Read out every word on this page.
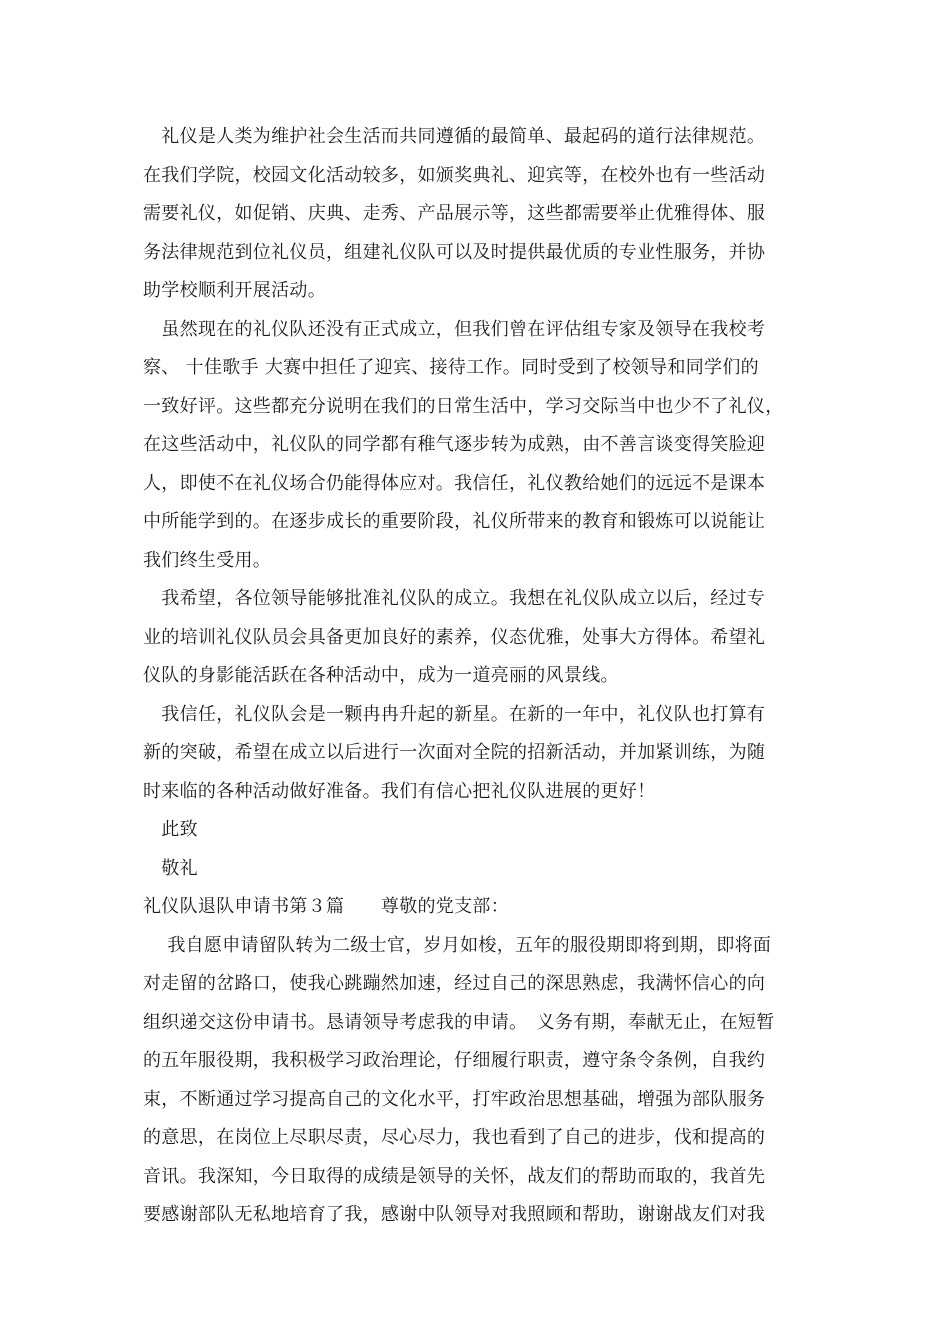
　礼仪是人类为维护社会生活而共同遵循的最简单、最起码的道行法律规范。
在我们学院，校园文化活动较多，如颁奖典礼、迎宾等，在校外也有一些活动
需要礼仪，如促销、庆典、走秀、产品展示等，这些都需要举止优雅得体、服
务法律规范到位礼仪员，组建礼仪队可以及时提供最优质的专业性服务，并协
助学校顺利开展活动。
　虽然现在的礼仪队还没有正式成立，但我们曾在评估组专家及领导在我校考
察、 十佳歌手 大赛中担任了迎宾、接待工作。同时受到了校领导和同学们的
一致好评。这些都充分说明在我们的日常生活中，学习交际当中也少不了礼仪，
在这些活动中，礼仪队的同学都有稚气逐步转为成熟，由不善言谈变得笑脸迎
人，即使不在礼仪场合仍能得体应对。我信任，礼仪教给她们的远远不是课本
中所能学到的。在逐步成长的重要阶段，礼仪所带来的教育和锻炼可以说能让
我们终生受用。
　我希望，各位领导能够批准礼仪队的成立。我想在礼仪队成立以后，经过专
业的培训礼仪队员会具备更加良好的素养，仪态优雅，处事大方得体。希望礼
仪队的身影能活跃在各种活动中，成为一道亮丽的风景线。
　我信任，礼仪队会是一颗冉冉升起的新星。在新的一年中，礼仪队也打算有
新的突破，希望在成立以后进行一次面对全院的招新活动，并加紧训练，为随
时来临的各种活动做好准备。我们有信心把礼仪队进展的更好！
　此致
　敬礼
礼仪队退队申请书第３篇　　尊敬的党支部：
　 我自愿申请留队转为二级士官，岁月如梭，五年的服役期即将到期，即将面
对走留的岔路口，使我心跳蹦然加速，经过自己的深思熟虑，我满怀信心的向
组织递交这份申请书。恳请领导考虑我的申请。　义务有期，奉献无止，在短暂
的五年服役期，我积极学习政治理论，仔细履行职责，遵守条令条例，自我约
束，不断通过学习提高自己的文化水平，打牢政治思想基础，增强为部队服务
的意思，在岗位上尽职尽责，尽心尽力，我也看到了自己的进步，伐和提高的
音讯。我深知，今日取得的成绩是领导的关怀，战友们的帮助而取的，我首先
要感谢部队无私地培育了我，感谢中队领导对我照顾和帮助，谢谢战友们对我
